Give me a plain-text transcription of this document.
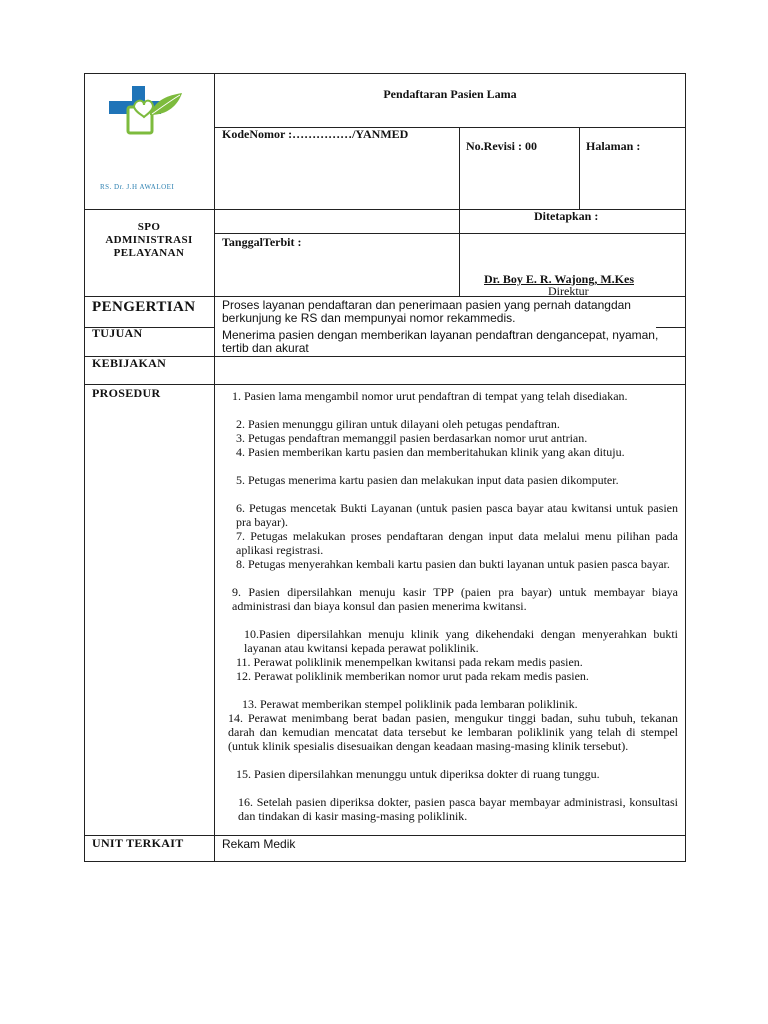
RS. Dr. J.H AWALOEI
Pendaftaran Pasien Lama
KodeNomor :……………/YANMED
No.Revisi : 00	Halaman :
SPO
ADMINISTRASI
PELAYANAN
TanggalTerbit :
Ditetapkan :
Dr. Boy E. R. Wajong, M.Kes
Direktur
PENGERTIAN Proses layanan pendaftaran dan penerimaan pasien yang pernah datangdan berkunjung ke RS dan mempunyai nomor rekammedis.
TUJUAN	Menerima pasien dengan memberikan layanan pendaftran dengancepat, nyaman, tertib dan akurat
KEBIJAKAN
PROSEDUR	1. Pasien lama mengambil nomor urut pendaftran di tempat yang telah disediakan.
2. Pasien menunggu giliran untuk dilayani oleh petugas pendaftran.
3. Petugas pendaftran memanggil pasien berdasarkan nomor urut antrian.
4. Pasien memberikan kartu pasien dan memberitahukan klinik yang akan dituju.
5. Petugas menerima kartu pasien dan melakukan input data pasien dikomputer.
6. Petugas mencetak Bukti Layanan (untuk pasien pasca bayar atau kwitansi untuk pasien pra bayar).
7. Petugas melakukan proses pendaftaran dengan input data melalui menu pilihan pada aplikasi registrasi.
8. Petugas menyerahkan kembali kartu pasien dan bukti layanan untuk pasien pasca bayar.
9. Pasien dipersilahkan menuju kasir TPP (paien pra bayar) untuk membayar biaya administrasi dan biaya konsul dan pasien menerima kwitansi.
10.Pasien dipersilahkan menuju klinik yang dikehendaki dengan menyerahkan bukti layanan atau kwitansi kepada perawat poliklinik.
11. Perawat poliklinik menempelkan kwitansi pada rekam medis pasien.
12. Perawat poliklinik memberikan nomor urut pada rekam medis pasien.
13. Perawat memberikan stempel poliklinik pada lembaran poliklinik.
14. Perawat menimbang berat badan pasien, mengukur tinggi badan, suhu tubuh, tekanan darah dan kemudian mencatat data tersebut ke lembaran poliklinik yang telah di stempel (untuk klinik spesialis disesuaikan dengan keadaan masing-masing klinik tersebut).
15. Pasien dipersilahkan menunggu untuk diperiksa dokter di ruang tunggu.
16. Setelah pasien diperiksa dokter, pasien pasca bayar membayar administrasi, konsultasi dan tindakan di kasir masing-masing poliklinik.
UNIT TERKAIT	Rekam Medik
